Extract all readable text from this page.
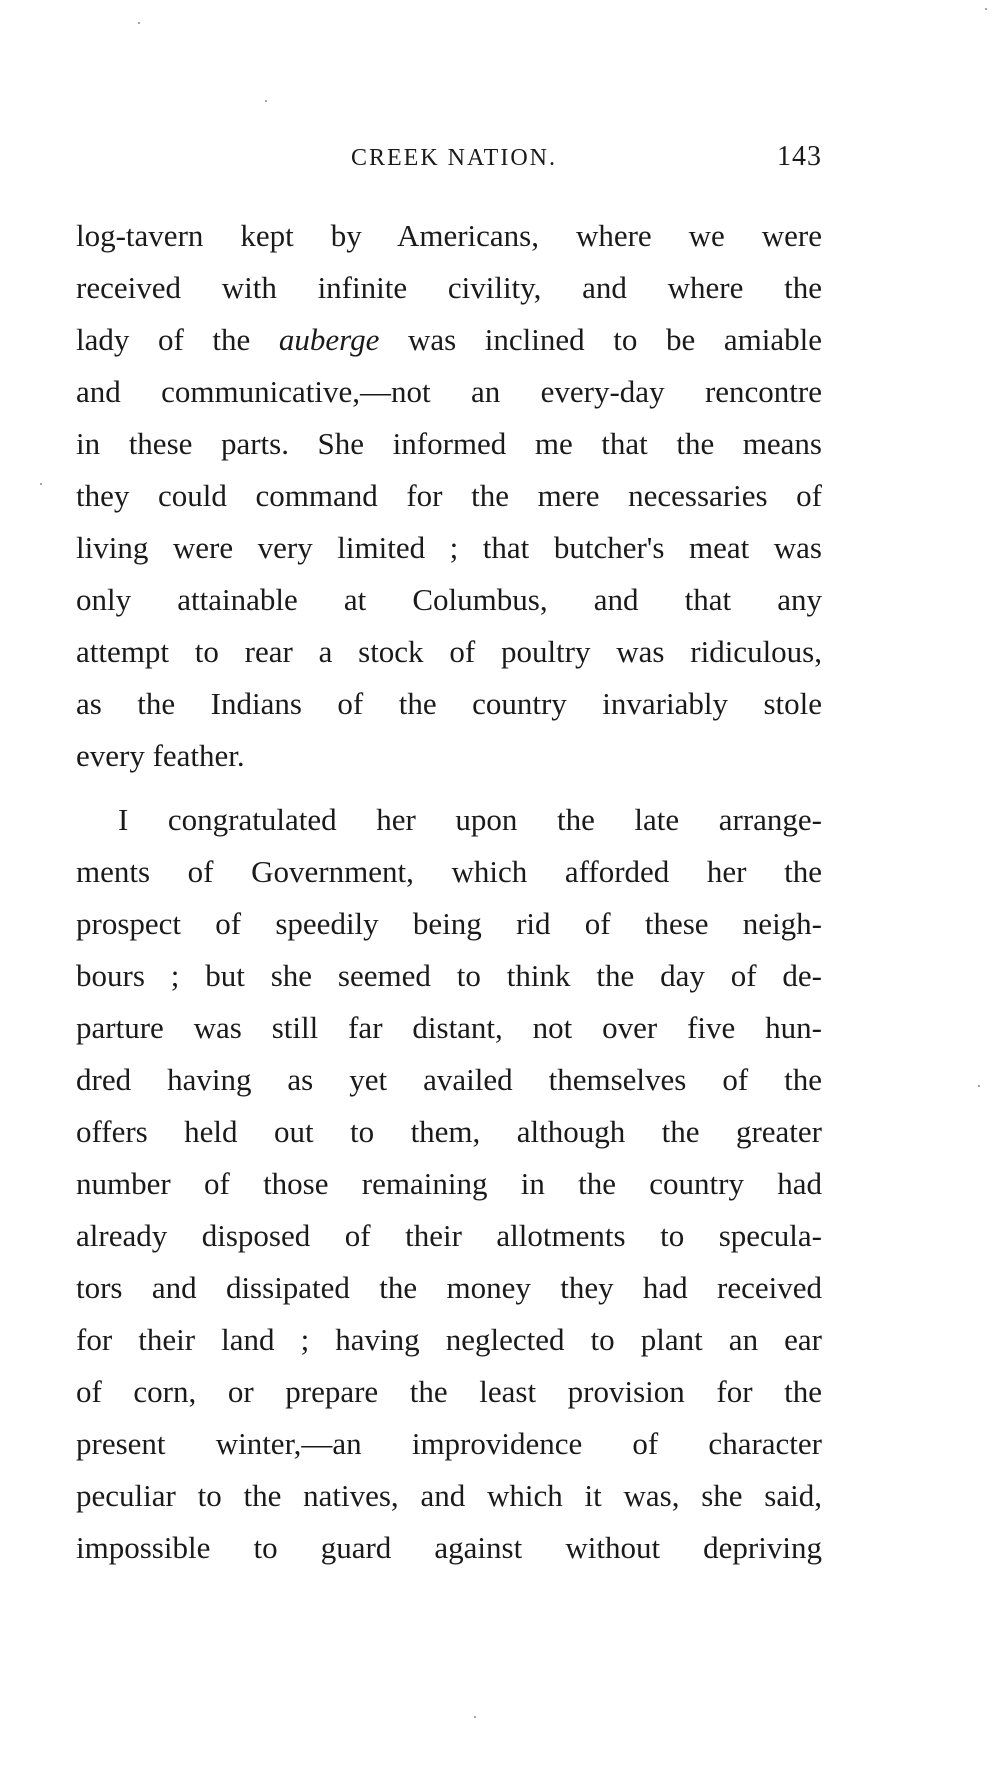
CREEK NATION.	143
log-tavern kept by Americans, where we were
received with infinite civility, and where the
lady of the auberge was inclined to be amiable
and communicative,—not an every-day rencontre
in these parts. She informed me that the means
they could command for the mere necessaries of
living were very limited ; that butcher's meat was
only attainable at Columbus, and that any
attempt to rear a stock of poultry was ridiculous,
as the Indians of the country invariably stole
every feather.
I congratulated her upon the late arrange-
ments of Government, which afforded her the
prospect of speedily being rid of these neigh-
bours ; but she seemed to think the day of de-
parture was still far distant, not over five hun-
dred having as yet availed themselves of the
offers held out to them, although the greater
number of those remaining in the country had
already disposed of their allotments to specula-
tors and dissipated the money they had received
for their land ; having neglected to plant an ear
of corn, or prepare the least provision for the
present winter,—an improvidence of character
peculiar to the natives, and which it was, she said,
impossible to guard against without depriving
